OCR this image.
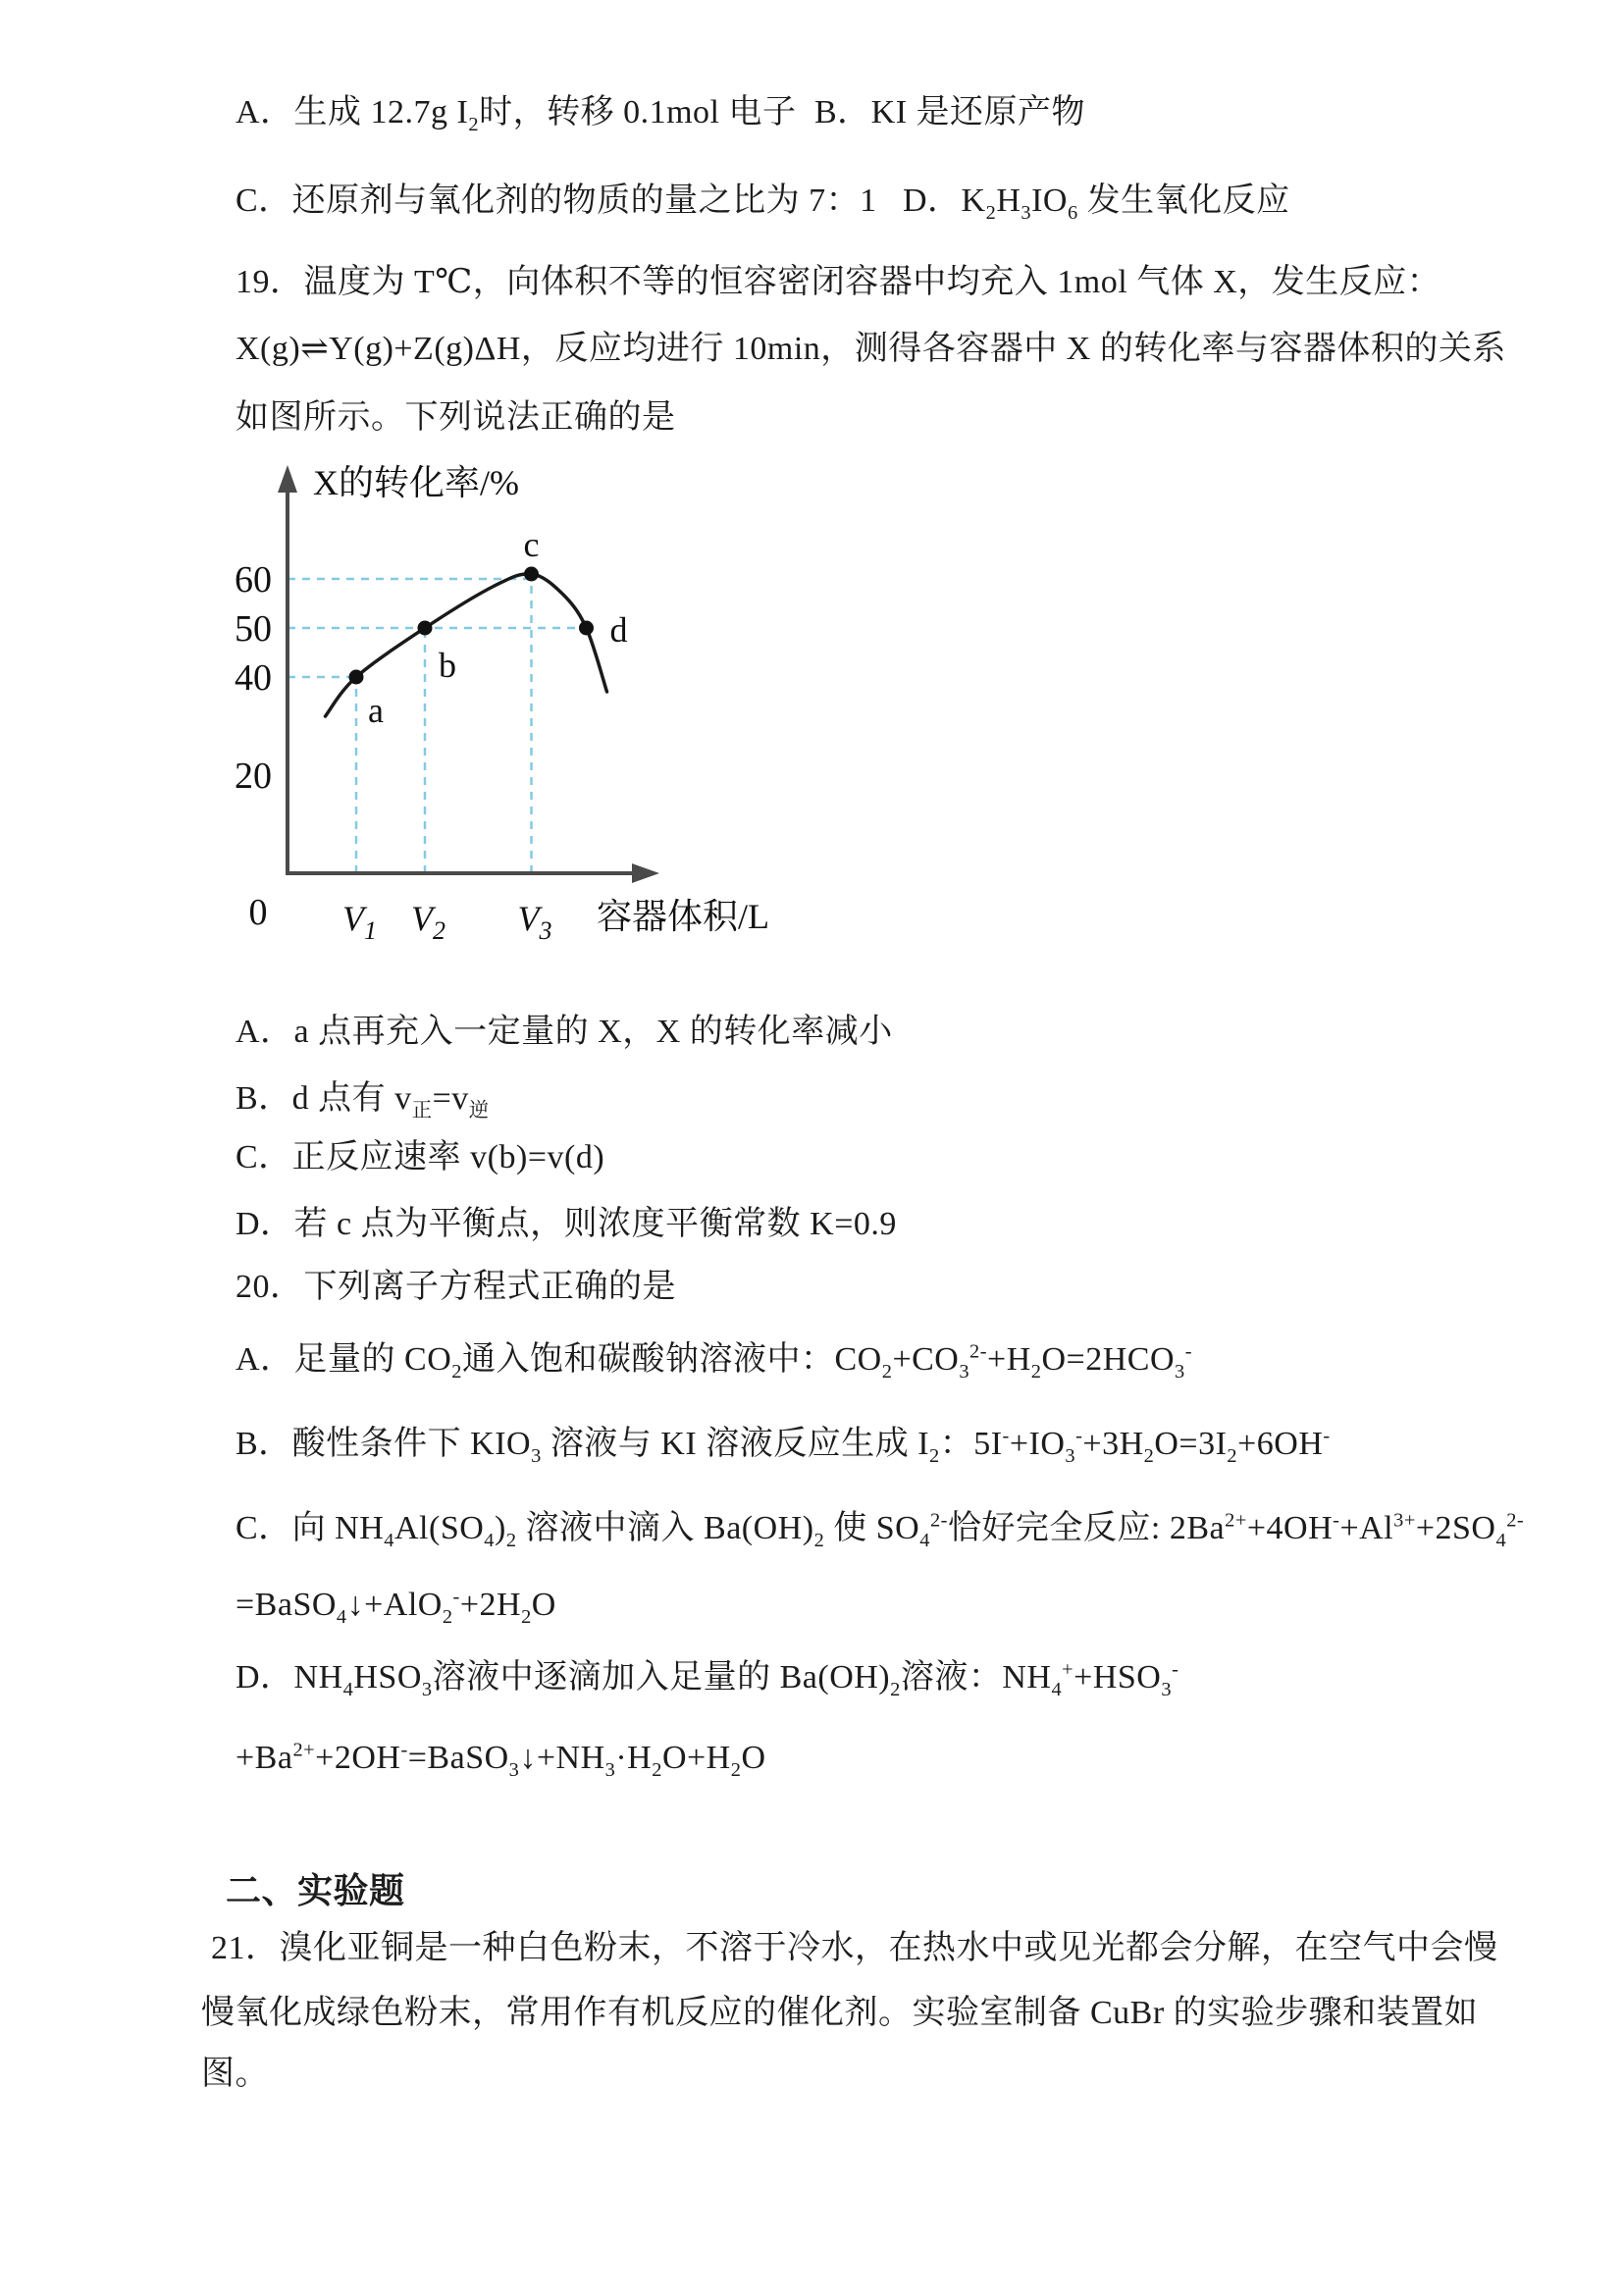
A．生成 12.7g $I_2$时，转移 0.1mol 电子 B．KI 是还原产物
C．还原剂与氧化剂的物质的量之比为 7：1 D．$K_2H_3IO_6$ 发生氧化反应
19．温度为 T℃，向体积不等的恒容密闭容器中均充入 1mol 气体 X，发生反应：
X(g)⇌Y(g)+Z(g)ΔH，反应均进行 10min，测得各容器中 X 的转化率与容器体积的关系
如图所示。下列说法正确的是
a
b
c
d
20
40
50
60
0 $V_1$ $V_2$ $V_3$
X的转化率/%
容器体积/L
A．a 点再充入一定量的 X，X 的转化率减小
B．d 点有 $v_正=v_逆$
C．正反应速率 v(b)=v(d)
D．若 c 点为平衡点，则浓度平衡常数 K=0.9
20．下列离子方程式正确的是
A．足量的 $CO_2$通入饱和碳酸钠溶液中：$CO_2+CO_3^{2-}+H_2O=2HCO_3^-$
B．酸性条件下 $KIO_3$ 溶液与 KI 溶液反应生成 $I_2$：$5I^-+IO_3^-+3H_2O=3I_2+6OH^-$
C．向 $NH_4Al(SO_4)_2$ 溶液中滴入 $Ba(OH)_2$ 使 $SO_4^{2-}$恰好完全反应: $2Ba^{2+}+4OH^-+Al^{3+}+2SO_4^{2-}$
$=BaSO_4↓+AlO_2^-+2H_2O$
D．$NH_4HSO_3$溶液中逐滴加入足量的 $Ba(OH)_2$溶液：$NH_4^++HSO_3^-$
$+Ba^{2+}+2OH^-=BaSO_3↓+NH_3\cdot H_2O+H_2O$
二、实验题
21．溴化亚铜是一种白色粉末，不溶于冷水，在热水中或见光都会分解，在空气中会慢
慢氧化成绿色粉末，常用作有机反应的催化剂。实验室制备 CuBr 的实验步骤和装置如
图。
